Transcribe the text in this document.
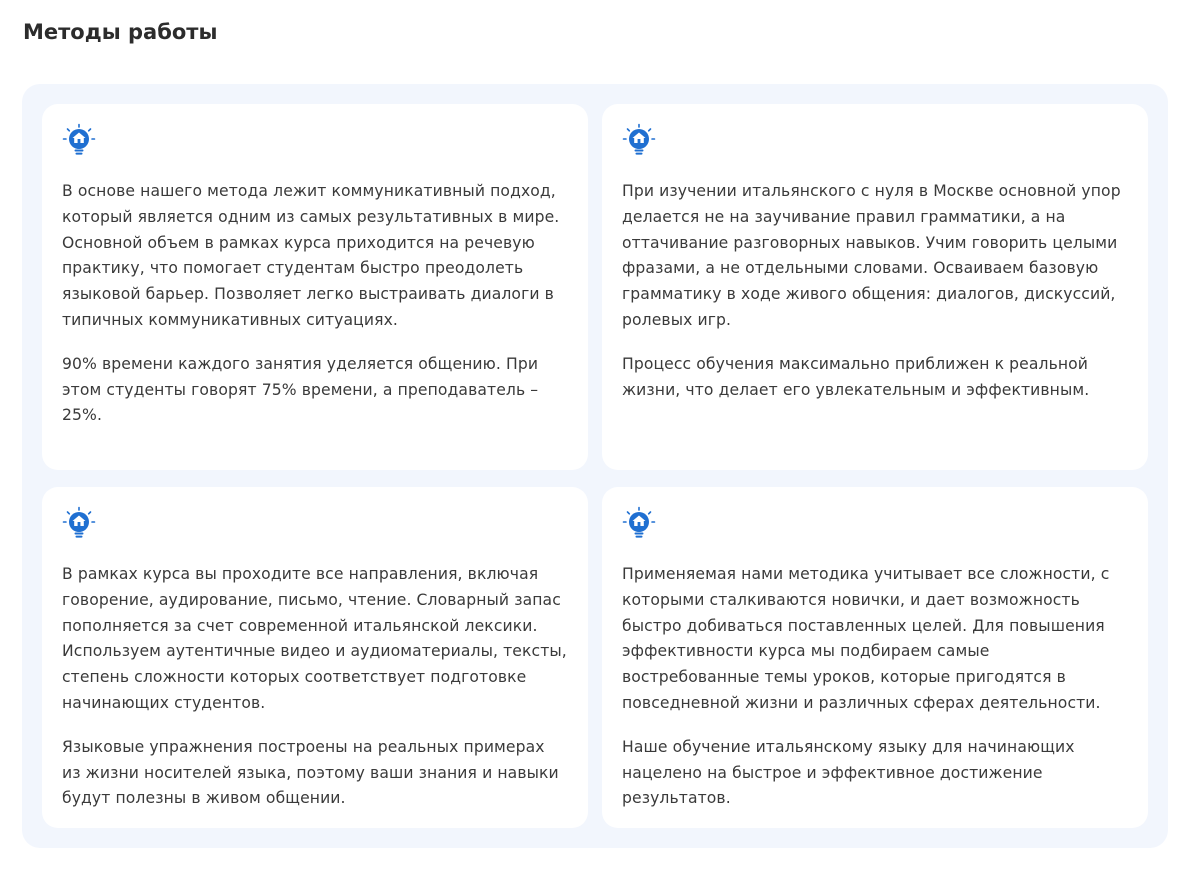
Методы работы

В основе нашего метода лежит коммуникативный подход, который является одним из самых результативных в мире. Основной объем в рамках курса приходится на речевую практику, что помогает студентам быстро преодолеть языковой барьер. Позволяет легко выстраивать диалоги в типичных коммуникативных ситуациях.

90% времени каждого занятия уделяется общению. При этом студенты говорят 75% времени, а преподаватель – 25%.

При изучении итальянского с нуля в Москве основной упор делается не на заучивание правил грамматики, а на оттачивание разговорных навыков. Учим говорить целыми фразами, а не отдельными словами. Осваиваем базовую грамматику в ходе живого общения: диалогов, дискуссий, ролевых игр.

Процесс обучения максимально приближен к реальной жизни, что делает его увлекательным и эффективным.

В рамках курса вы проходите все направления, включая говорение, аудирование, письмо, чтение. Словарный запас пополняется за счет современной итальянской лексики. Используем аутентичные видео и аудиоматериалы, тексты, степень сложности которых соответствует подготовке начинающих студентов.

Языковые упражнения построены на реальных примерах из жизни носителей языка, поэтому ваши знания и навыки будут полезны в живом общении.

Применяемая нами методика учитывает все сложности, с которыми сталкиваются новички, и дает возможность быстро добиваться поставленных целей. Для повышения эффективности курса мы подбираем самые востребованные темы уроков, которые пригодятся в повседневной жизни и различных сферах деятельности.

Наше обучение итальянскому языку для начинающих нацелено на быстрое и эффективное достижение результатов.
